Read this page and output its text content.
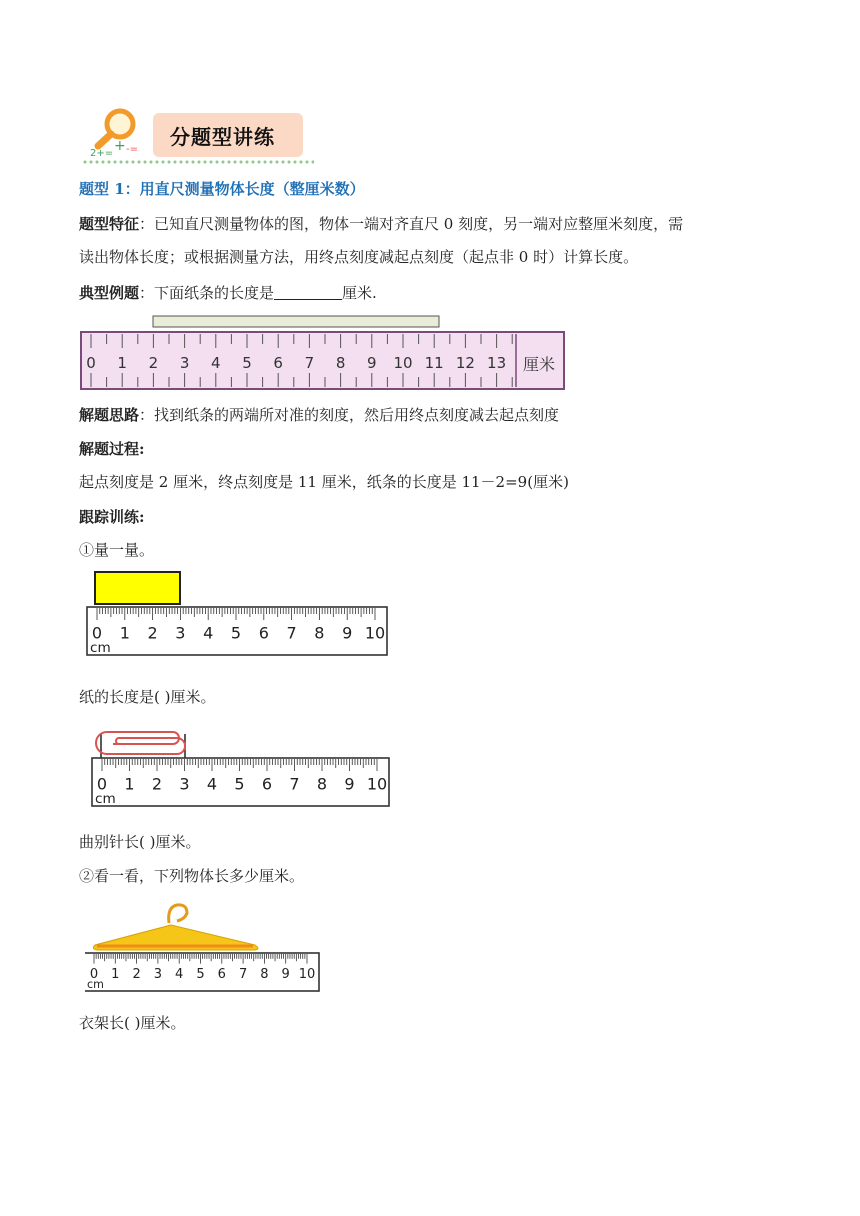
2+= + -=
分题型讲练
题型 1：用直尺测量物体长度（整厘米数）
题型特征：已知直尺测量物体的图，物体一端对齐直尺 0 刻度，另一端对应整厘米刻度，需
读出物体长度；或根据测量方法，用终点刻度减起点刻度（起点非 0 时）计算长度。
典型例题：下面纸条的长度是	厘米.
0 1 2 3 4 5 6 7 8 9 10 11 12 13 厘米
解题思路：找到纸条的两端所对准的刻度，然后用终点刻度减去起点刻度
解题过程:
起点刻度是 2 厘米，终点刻度是 11 厘米，纸条的长度是 11－2=9(厘米)
跟踪训练:
①量一量。
0 1 2 3 4 5 6 7 8 9 10
cm
纸的长度是( )厘米。
0 1 2 3 4 5 6 7 8 9 10
cm
曲别针长( )厘米。
②看一看，下列物体长多少厘米。
0 1 2 3 4 5 6 7 8 9 10
cm
衣架长( )厘米。
